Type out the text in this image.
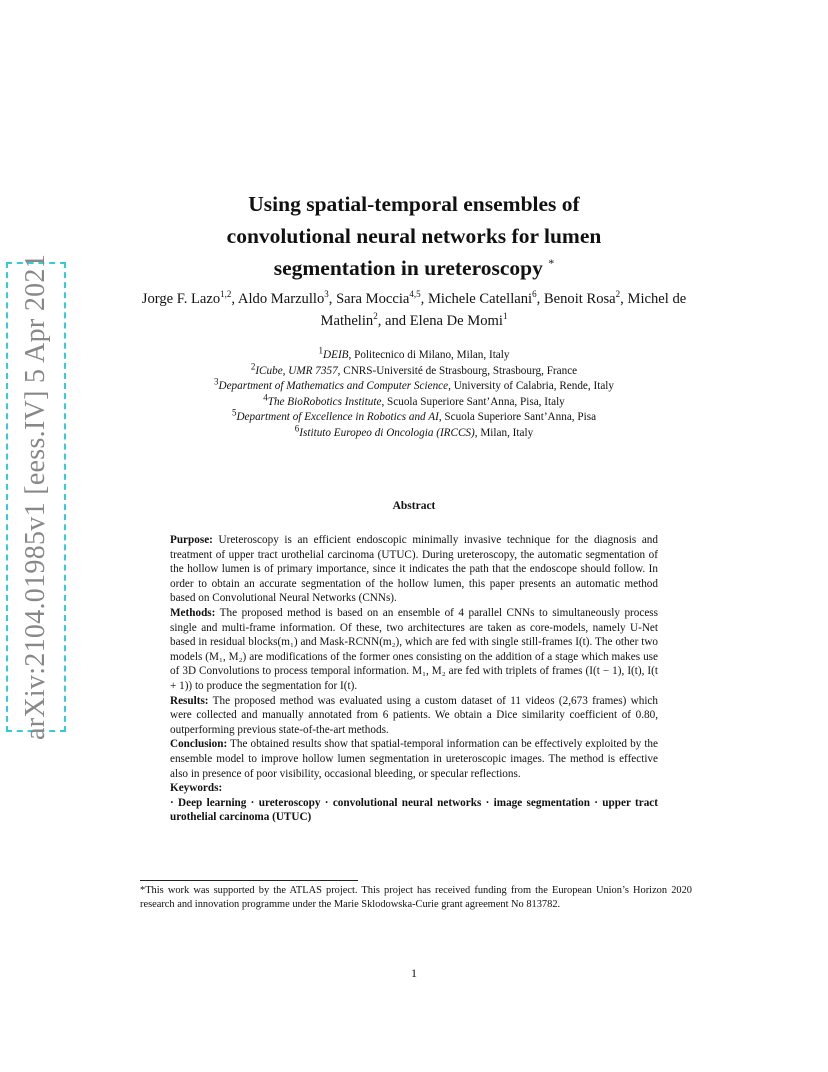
arXiv:2104.01985v1 [eess.IV] 5 Apr 2021
Using spatial-temporal ensembles of
convolutional neural networks for lumen
segmentation in ureteroscopy *
Jorge F. Lazo$^{1,2}$, Aldo Marzullo$^3$, Sara Moccia$^{4,5}$, Michele Catellani$^6$, Benoit Rosa$^2$, Michel de Mathelin$^2$, and Elena De Momi$^1$
$^1$DEIB, Politecnico di Milano, Milan, Italy
$^2$ICube, UMR 7357, CNRS-Université de Strasbourg, Strasbourg, France
$^3$Department of Mathematics and Computer Science, University of Calabria, Rende, Italy
$^4$The BioRobotics Institute, Scuola Superiore Sant’Anna, Pisa, Italy
$^5$Department of Excellence in Robotics and AI, Scuola Superiore Sant’Anna, Pisa
$^6$Istituto Europeo di Oncologia (IRCCS), Milan, Italy
Abstract

Purpose: Ureteroscopy is an efficient endoscopic minimally invasive technique for the diagnosis and treatment of upper tract urothelial carcinoma (UTUC). During ureteroscopy, the automatic segmentation of the hollow lumen is of primary importance, since it indicates the path that the endoscope should follow. In order to obtain an accurate segmentation of the hollow lumen, this paper presents an automatic method based on Convolutional Neural Networks (CNNs).

Methods: The proposed method is based on an ensemble of 4 parallel CNNs to simultaneously process single and multi-frame information. Of these, two architectures are taken as core-models, namely U-Net based in residual blocks(m₁) and Mask-RCNN(m₂), which are fed with single still-frames I(t). The other two models (M₁, M₂) are modifications of the former ones consisting on the addition of a stage which makes use of 3D Convolutions to process temporal information. M₁, M₂ are fed with triplets of frames (I(t − 1), I(t), I(t + 1)) to produce the segmentation for I(t).

Results: The proposed method was evaluated using a custom dataset of 11 videos (2,673 frames) which were collected and manually annotated from 6 patients. We obtain a Dice similarity coefficient of 0.80, outperforming previous state-of-the-art methods.

Conclusion: The obtained results show that spatial-temporal information can be effectively exploited by the ensemble model to improve hollow lumen segmentation in ureteroscopic images. The method is effective also in presence of poor visibility, occasional bleeding, or specular reflections.

Keywords:

· Deep learning · ureteroscopy · convolutional neural networks · image segmentation · upper tract urothelial carcinoma (UTUC)

*This work was supported by the ATLAS project. This project has received funding from the European Union’s Horizon 2020 research and innovation programme under the Marie Sklodowska-Curie grant agreement No 813782.
1
